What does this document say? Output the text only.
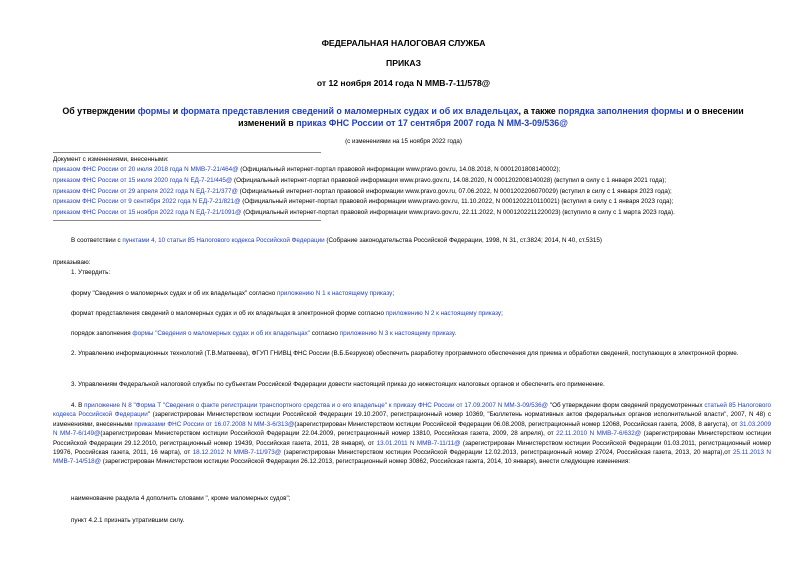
ФЕДЕРАЛЬНАЯ НАЛОГОВАЯ СЛУЖБА
ПРИКАЗ
от 12 ноября 2014 года N ММВ-7-11/578@
Об утверждении формы и формата представления сведений о маломерных судах и об их владельцах, а также порядка заполнения формы и о внесении изменений в приказ ФНС России от 17 сентября 2007 года N ММ-3-09/536@
(с изменениями на 15 ноября 2022 года)
Документ с изменениями, внесенными:
приказом ФНС России от 20 июля 2018 года N ММВ-7-21/464@ (Официальный интернет-портал правовой информации www.pravo.gov.ru, 14.08.2018, N 0001201808140002);
приказом ФНС России от 15 июля 2020 года N ЕД-7-21/445@ (Официальный интернет-портал правовой информации www.pravo.gov.ru, 14.08.2020, N 0001202008140028) (вступил в силу с 1 января 2021 года);
приказом ФНС России от 29 апреля 2022 года N ЕД-7-21/377@ (Официальный интернет-портал правовой информации www.pravo.gov.ru, 07.06.2022, N 0001202206070029) (вступил в силу с 1 января 2023 года);
приказом ФНС России от 9 сентября 2022 года N ЕД-7-21/821@ (Официальный интернет-портал правовой информации www.pravo.gov.ru, 11.10.2022, N 0001202210110021) (вступил в силу с 1 января 2023 года);
приказом ФНС России от 15 ноября 2022 года N ЕД-7-21/1091@ (Официальный интернет-портал правовой информации www.pravo.gov.ru, 22.11.2022, N 0001202211220023) (вступило в силу с 1 марта 2023 года).
В соответствии с пунктами 4, 10 статьи 85 Налогового кодекса Российской Федерации (Собрание законодательства Российской Федерации, 1998, N 31, ст.3824; 2014, N 40, ст.5315)
приказываю:
1. Утвердить:
форму "Сведения о маломерных судах и об их владельцах" согласно приложению N 1 к настоящему приказу;
формат представления сведений о маломерных судах и об их владельцах в электронной форме согласно приложению N 2 к настоящему приказу;
порядок заполнения формы "Сведения о маломерных судах и об их владельцах" согласно приложению N 3 к настоящему приказу.
2. Управлению информационных технологий (Т.В.Матвеева), ФГУП ГНИВЦ ФНС России (В.Б.Безруков) обеспечить разработку программного обеспечения для приема и обработки сведений, поступающих в электронной форме.
3. Управлениям Федеральной налоговой службы по субъектам Российской Федерации довести настоящий приказ до нижестоящих налоговых органов и обеспечить его применение.
4. В приложение N 8 "Форма Т "Сведения о факте регистрации транспортного средства и о его владельце" к приказу ФНС России от 17.09.2007 N ММ-3-09/536@ "Об утверждении форм сведений предусмотренных статьей 85 Налогового кодекса Российской Федерации" (зарегистрирован Министерством юстиции Российской Федерации 19.10.2007, регистрационный номер 10369, "Бюллетень нормативных актов федеральных органов исполнительной власти", 2007, N 48) с изменениями, внесенными приказами ФНС России от 16.07.2008 N ММ-3-6/313@(зарегистрирован Министерством юстиции Российской Федерации 06.08.2008, регистрационный номер 12068, Российская газета, 2008, 8 августа), от 31.03.2009 N ММ-7-6/149@(зарегистрирован Министерством юстиции Российской Федерации 22.04.2009, регистрационный номер 13810, Российская газета, 2009, 28 апреля), от 22.11.2010 N ММВ-7-6/632@ (зарегистрирован Министерством юстиции Российской Федерации 29.12.2010, регистрационный номер 19439, Российская газета, 2011, 28 января), от 13.01.2011 N ММВ-7-11/11@ (зарегистрирован Министерством юстиции Российской Федерации 01.03.2011, регистрационный номер 19976, Российская газета, 2011, 16 марта), от 18.12.2012 N ММВ-7-11/973@ (зарегистрирован Министерством юстиции Российской Федерации 12.02.2013, регистрационный номер 27024, Российская газета, 2013, 20 марта),от 25.11.2013 N ММВ-7-14/518@ (зарегистрирован Министерством юстиции Российской Федерации 26.12.2013, регистрационный номер 30862, Российская газета, 2014, 10 января), внести следующие изменения:
наименование раздела 4 дополнить словами ", кроме маломерных судов";
пункт 4.2.1 признать утратившим силу.
